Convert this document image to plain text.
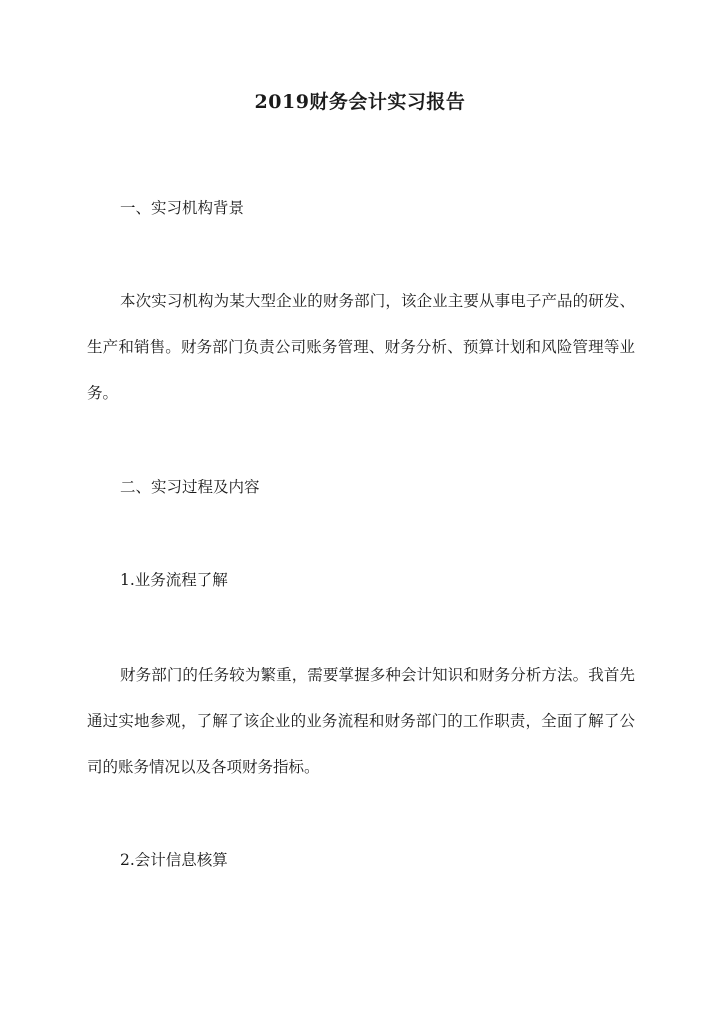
2019财务会计实习报告
一、实习机构背景

本次实习机构为某大型企业的财务部门，该企业主要从事电子产品的研发、生产和销售。财务部门负责公司账务管理、财务分析、预算计划和风险管理等业务。

二、实习过程及内容
1.业务流程了解

财务部门的任务较为繁重，需要掌握多种会计知识和财务分析方法。我首先通过实地参观，了解了该企业的业务流程和财务部门的工作职责，全面了解了公司的账务情况以及各项财务指标。

2.会计信息核算
